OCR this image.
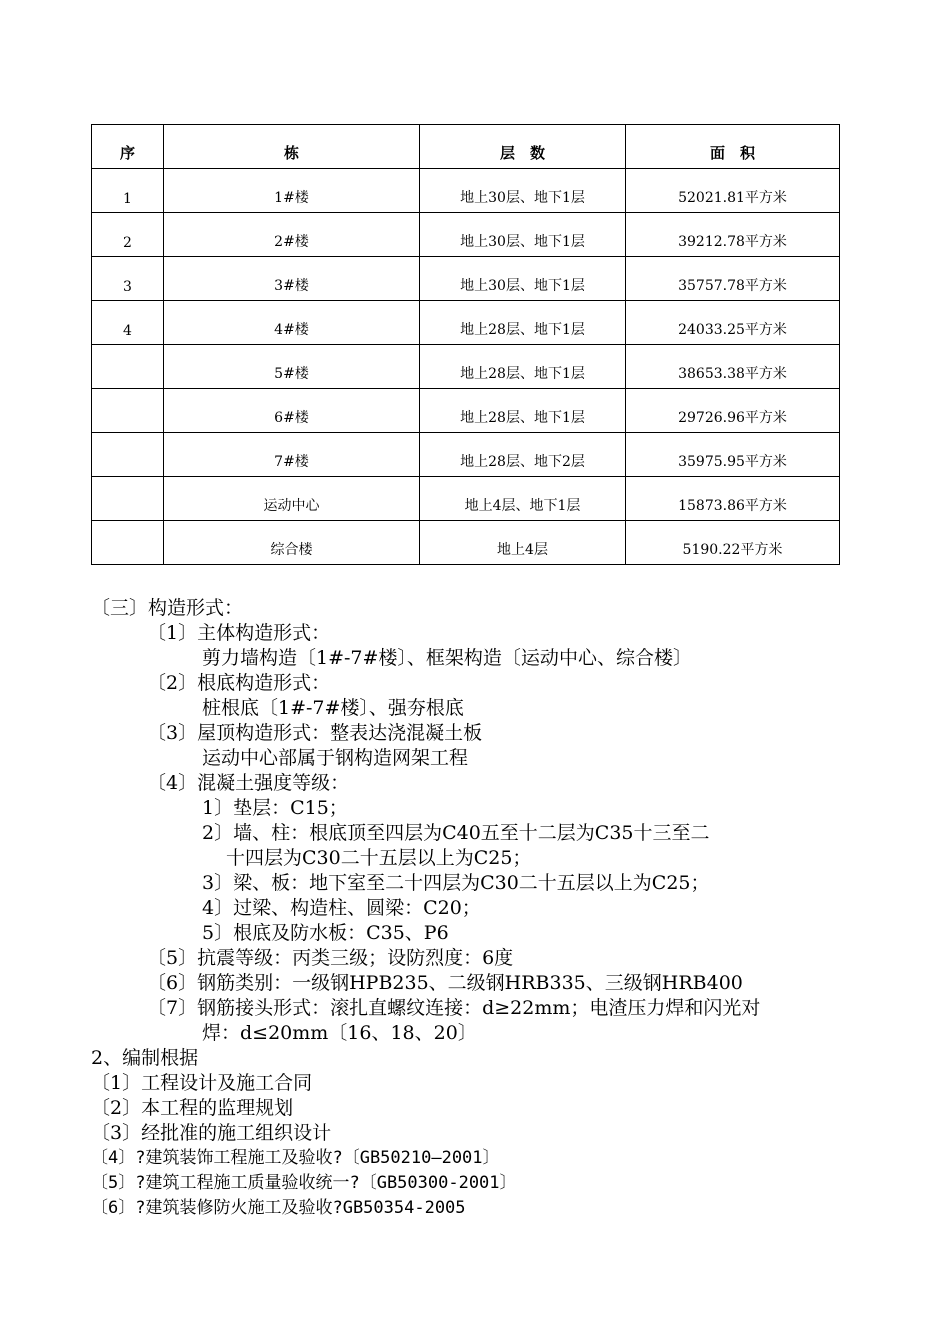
序	栋	层　数	面　积
1	1#楼	地上30层、地下1层	52021.81平方米
2	2#楼	地上30层、地下1层	39212.78平方米
3	3#楼	地上30层、地下1层	35757.78平方米
4	4#楼	地上28层、地下1层	24033.25平方米
	5#楼	地上28层、地下1层	38653.38平方米
	6#楼	地上28层、地下1层	29726.96平方米
	7#楼	地上28层、地下2层	35975.95平方米
	运动中心	地上4层、地下1层	15873.86平方米
	综合楼	地上4层	5190.22平方米
〔三〕构造形式：
〔1〕主体构造形式：
剪力墙构造〔1#-7#楼〕、框架构造〔运动中心、综合楼〕
〔2〕根底构造形式：
桩根底〔1#-7#楼〕、强夯根底
〔3〕屋顶构造形式：整表达浇混凝土板
运动中心部属于钢构造网架工程
〔4〕混凝土强度等级：
1〕垫层：C15；
2〕墙、柱：根底顶至四层为C40五至十二层为C35十三至二
十四层为C30二十五层以上为C25；
3〕梁、板：地下室至二十四层为C30二十五层以上为C25；
4〕过梁、构造柱、圆梁：C20；
5〕根底及防水板：C35、P6
〔5〕抗震等级：丙类三级；设防烈度：6度
〔6〕钢筋类别：一级钢HPB235、二级钢HRB335、三级钢HRB400
〔7〕钢筋接头形式：滚扎直螺纹连接：d≥22mm；电渣压力焊和闪光对
焊：d≤20mm〔16、18、20〕
2、编制根据
〔1〕工程设计及施工合同
〔2〕本工程的监理规划
〔3〕经批准的施工组织设计
〔4〕?建筑装饰工程施工及验收?〔GB50210—2001〕
〔5〕?建筑工程施工质量验收统一?〔GB50300-2001〕
〔6〕?建筑装修防火施工及验收?GB50354-2005
